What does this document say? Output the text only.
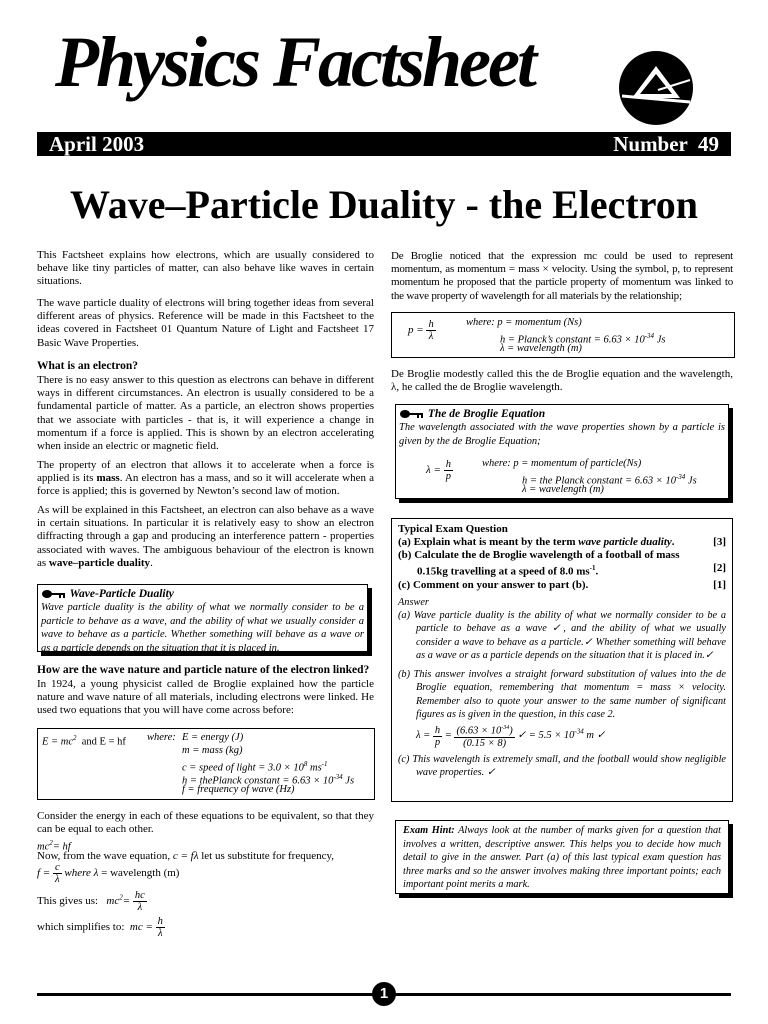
Physics Factsheet
April 2003	Number  49
Wave–Particle Duality - the Electron

This Factsheet explains how electrons, which are usually considered to behave like tiny particles of matter, can also behave like waves in certain situations.

The wave particle duality of electrons will bring together ideas from several different areas of physics. Reference will be made in this Factsheet to the ideas covered in Factsheet 01 Quantum Nature of Light and Factsheet 17 Basic Wave Properties.

What is an electron?

There is no easy answer to this question as electrons can behave in different ways in different circumstances. An electron is usually considered to be a fundamental particle of matter. As a particle, an electron shows properties that we associate with particles - that is, it will experience a change in momentum if a force is applied. This is shown by an electron accelerating when inside an electric or magnetic field.

The property of an electron that allows it to accelerate when a force is applied is its mass. An electron has a mass, and so it will accelerate when a force is applied; this is governed by Newton’s second law of motion.

As will be explained in this Factsheet, an electron can also behave as a wave in certain situations. In particular it is relatively easy to show an electron diffracting through a gap and producing an interference pattern - properties associated with waves. The ambiguous behaviour of the electron is known as wave–particle duality.

Wave-Particle Duality

Wave particle duality is the ability of what we normally consider to be a particle to behave as a wave, and the ability of what we usually consider a wave to behave as a particle. Whether something will behave as a wave or as a particle depends on the situation that it is placed in.

How are the wave nature and particle nature of the electron linked?

In 1924, a young physicist called de Broglie explained how the particle nature and wave nature of all materials, including electrons were linked. He used two equations that you will have come across before:

$E = mc^2$ and E = hf where: E = energy (J)
m = mass (kg)
c = speed of light = $3.0 \times 10^8$ $ms^{-1}$
h = thePlanck constant = $6.63 \times 10^{-34}$ Js
f = frequency of wave (Hz)

Consider the energy in each of these equations to be equivalent, so that they can be equal to each other.

$mc^2=$ hf

Now, from the wave equation, c = fλ let us substitute for frequency,

$f = \frac{c}{\lambda}$ where λ = wavelength (m)
This gives us: $mc^2= \frac{hc}{\lambda}$
which simplifies to: mc = $\frac{h}{\lambda}$

De Broglie noticed that the expression mc could be used to represent momentum, as momentum = mass × velocity. Using the symbol, p, to represent momentum he proposed that the particle property of momentum was linked to the wave property of wavelength for all materials by the relationship;

$p = \frac{h}{\lambda}$	where: p = momentum (Ns)
h = Planck’s constant = $6.63 \times 10^{-34}$ Js
λ = wavelength (m)

De Broglie modestly called this the de Broglie equation and the wavelength, λ, he called the de Broglie wavelength.

The de Broglie Equation

The wavelength associated with the wave properties shown by a particle is given by the de Broglie Equation;

$\lambda = \frac{h}{p}$	where: p = momentum of particle(Ns)
h = the Planck constant = $6.63 \times 10^{-34}$ Js
λ = wavelength (m)
Typical Exam Question
(a) Explain what is meant by the term wave particle duality.	[3]
(b) Calculate the de Broglie wavelength of a football of mass
0.15kg travelling at a speed of 8.0 $ms^{-1}$.	[2]
(c) Comment on your answer to part (b).	[1]

Answer

(a) Wave particle duality is the ability of what we normally consider to be a particle to behave as a wave ✓, and the ability of what we usually consider a wave to behave as a particle.✓ Whether something will behave as a wave or as a particle depends on the situation that it is placed in.✓

(b) This answer involves a straight forward substitution of values into the de Broglie equation, remembering that momentum = mass × velocity. Remember also to quote your answer to the same number of significant figures as is given in the question, in this case 2.

$\lambda = \frac{h}{p} = \frac{(6.63 \times 10^{-34})}{(0.15 \times 8)}$ ✓ = $5.5 \times 10^{-34}$ m ✓

(c) This wavelength is extremely small, and the football would show negligible wave properties. ✓

Exam Hint: Always look at the number of marks given for a question that involves a written, descriptive answer. This helps you to decide how much detail to give in the answer. Part (a) of this last typical exam question has three marks and so the answer involves making three important points; each important point merits a mark.

1
